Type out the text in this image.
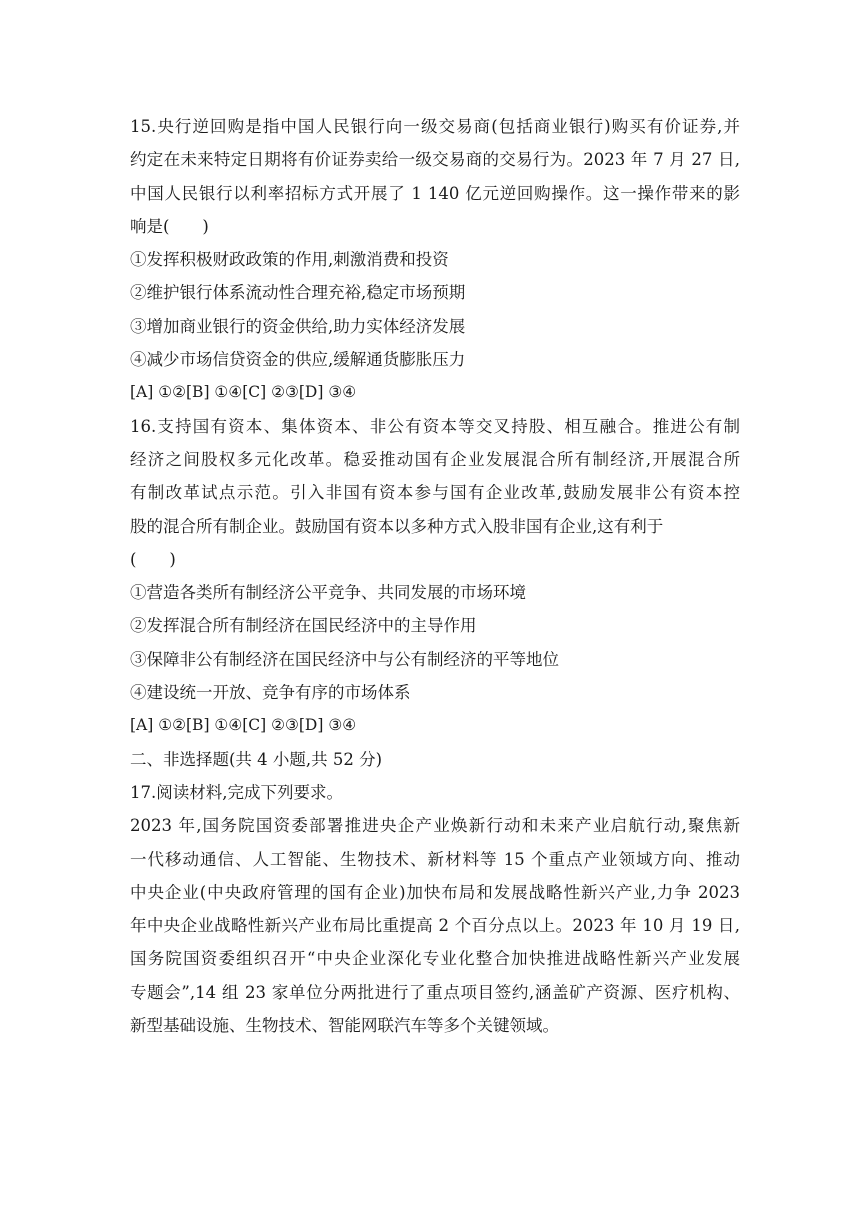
15.央行逆回购是指中国人民银行向一级交易商(包括商业银行)购买有价证券,并
约定在未来特定日期将有价证券卖给一级交易商的交易行为。2023 年 7 月 27 日,
中国人民银行以利率招标方式开展了 1 140 亿元逆回购操作。这一操作带来的影
响是(　　)
①发挥积极财政政策的作用,刺激消费和投资
②维护银行体系流动性合理充裕,稳定市场预期
③增加商业银行的资金供给,助力实体经济发展
④减少市场信贷资金的供应,缓解通货膨胀压力
[A] ①②[B] ①④[C] ②③[D] ③④
16.支持国有资本、集体资本、非公有资本等交叉持股、相互融合。推进公有制
经济之间股权多元化改革。稳妥推动国有企业发展混合所有制经济,开展混合所
有制改革试点示范。引入非国有资本参与国有企业改革,鼓励发展非公有资本控
股的混合所有制企业。鼓励国有资本以多种方式入股非国有企业,这有利于
(　　)
①营造各类所有制经济公平竞争、共同发展的市场环境
②发挥混合所有制经济在国民经济中的主导作用
③保障非公有制经济在国民经济中与公有制经济的平等地位
④建设统一开放、竞争有序的市场体系
[A] ①②[B] ①④[C] ②③[D] ③④
二、非选择题(共 4 小题,共 52 分)
17.阅读材料,完成下列要求。
2023 年,国务院国资委部署推进央企产业焕新行动和未来产业启航行动,聚焦新
一代移动通信、人工智能、生物技术、新材料等 15 个重点产业领域方向、推动
中央企业(中央政府管理的国有企业)加快布局和发展战略性新兴产业,力争 2023
年中央企业战略性新兴产业布局比重提高 2 个百分点以上。2023 年 10 月 19 日,
国务院国资委组织召开“中央企业深化专业化整合加快推进战略性新兴产业发展
专题会”,14 组 23 家单位分两批进行了重点项目签约,涵盖矿产资源、医疗机构、
新型基础设施、生物技术、智能网联汽车等多个关键领域。
